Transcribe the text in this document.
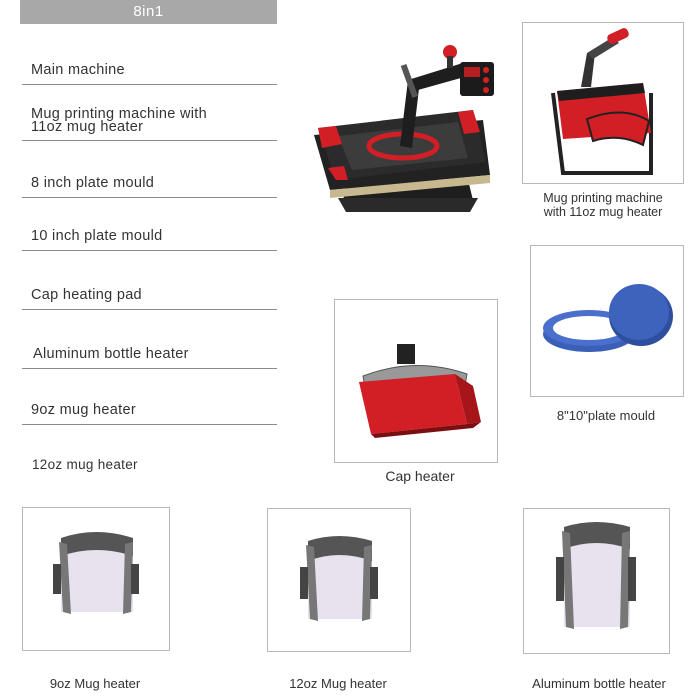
8in1
Main machine
Mug printing machine with 11oz mug heater
8 inch plate mould
10 inch plate mould
Cap heating pad
Aluminum bottle heater
9oz mug heater
12oz mug heater
Mug printing machine
with 11oz mug heater
8"10"plate mould
Cap heater
9oz Mug heater	12oz Mug heater	Aluminum bottle heater
